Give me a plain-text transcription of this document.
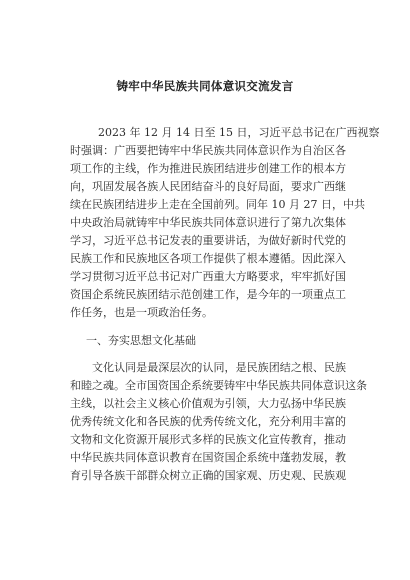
铸牢中华民族共同体意识交流发言
2023 年 12 月 14 日至 15 日，习近平总书记在广西视察
时强调：广西要把铸牢中华民族共同体意识作为自治区各
项工作的主线，作为推进民族团结进步创建工作的根本方
向，巩固发展各族人民团结奋斗的良好局面，要求广西继
续在民族团结进步上走在全国前列。同年 10 月 27 日，中共
中央政治局就铸牢中华民族共同体意识进行了第九次集体
学习，习近平总书记发表的重要讲话，为做好新时代党的
民族工作和民族地区各项工作提供了根本遵循。因此深入
学习贯彻习近平总书记对广西重大方略要求，牢牢抓好国
资国企系统民族团结示范创建工作，是今年的一项重点工
作任务，也是一项政治任务。
一、夯实思想文化基础
文化认同是最深层次的认同，是民族团结之根、民族
和睦之魂。全市国资国企系统要铸牢中华民族共同体意识这条
主线，以社会主义核心价值观为引领，大力弘扬中华民族
优秀传统文化和各民族的优秀传统文化，充分利用丰富的
文物和文化资源开展形式多样的民族文化宣传教育，推动
中华民族共同体意识教育在国资国企系统中蓬勃发展，教
育引导各族干部群众树立正确的国家观、历史观、民族观
